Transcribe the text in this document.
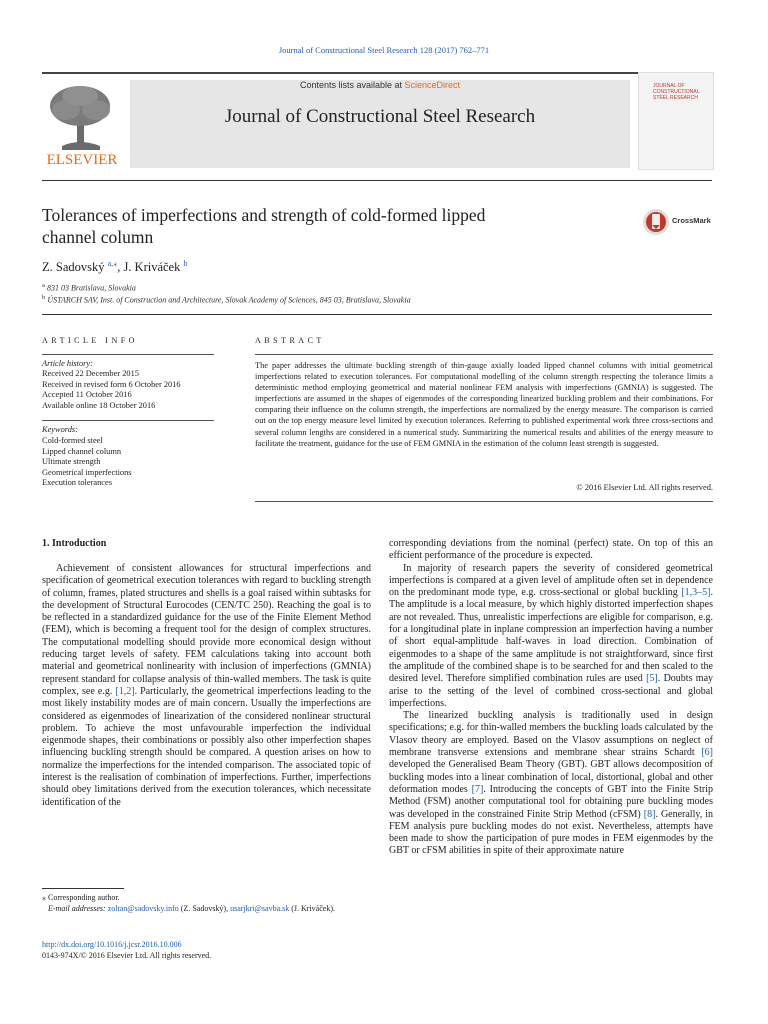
Journal of Constructional Steel Research 128 (2017) 762–771
ELSEVIER
Contents lists available at ScienceDirect
Journal of Constructional Steel Research
JOURNAL OF
CONSTRUCTIONAL
STEEL RESEARCH
Tolerances of imperfections and strength of cold-formed lipped
channel column
CrossMark
Z. Sadovský $^{a,⁎}$, J. Kriváček $^b$
$^a$ 831 03 Bratislava, Slovakia
$^b$ ÚSTARCH SAV, Inst. of Construction and Architecture, Slovak Academy of Sciences, 845 03, Bratislava, Slovakia
ARTICLE INFO	ABSTRACT
Article history:
Received 22 December 2015
Received in revised form 6 October 2016
Accepted 11 October 2016
Available online 18 October 2016
Keywords:
Cold-formed steel
Lipped channel column
Ultimate strength
Geometrical imperfections
Execution tolerances
The paper addresses the ultimate buckling strength of thin-gauge axially loaded lipped channel columns with initial geometrical imperfections related to execution tolerances. For computational modelling of the column strength respecting the tolerance limits a deterministic method employing geometrical and material nonlinear FEM analysis with imperfections (GMNIA) is suggested. The imperfections are assumed in the shapes of eigenmodes of the corresponding linearized buckling problem and their combinations. For comparing their influence on the column strength, the imperfections are normalized by the energy measure. The comparison is carried out on the top energy measure level limited by execution tolerances. Referring to published experimental work three cross-sections and several column lengths are considered in a numerical study. Summarizing the numerical results and abilities of the energy measure to facilitate the treatment, guidance for the use of FEM GMNIA in the estimation of the column least strength is suggested.
© 2016 Elsevier Ltd. All rights reserved.
1. Introduction

Achievement of consistent allowances for structural imperfections and specification of geometrical execution tolerances with regard to buckling strength of column, frames, plated structures and shells is a goal raised within subtasks for the development of Structural Eurocodes (CEN/TC 250). Reaching the goal is to be reflected in a standardized guidance for the use of the Finite Element Method (FEM), which is becoming a frequent tool for the design of complex structures. The computational modelling should provide more economical design without reducing target levels of safety. FEM calculations taking into account both material and geometrical nonlinearity with inclusion of imperfections (GMNIA) represent standard for collapse analysis of thin-walled members. The task is quite complex, see e.g. [1,2]. Particularly, the geometrical imperfections leading to the most likely instability modes are of main concern. Usually the imperfections are considered as eigenmodes of linearization of the considered nonlinear structural problem. To achieve the most unfavourable imperfection the individual eigenmode shapes, their combinations or possibly also other imperfection shapes influencing buckling strength should be compared. A question arises on how to normalize the imperfections for the intended comparison. The associated topic of interest is the realisation of combination of imperfections. Further, imperfections should obey limitations derived from the execution tolerances, which necessitate identification of the

corresponding deviations from the nominal (perfect) state. On top of this an efficient performance of the procedure is expected.

In majority of research papers the severity of considered geometrical imperfections is compared at a given level of amplitude often set in dependence on the predominant mode type, e.g. cross-sectional or global buckling [1,3–5]. The amplitude is a local measure, by which highly distorted imperfection shapes are not revealed. Thus, unrealistic imperfections are eligible for comparison, e.g. for a longitudinal plate in inplane compression an imperfection having a number of short equal-amplitude half-waves in load direction. Combination of eigenmodes to a shape of the same amplitude is not straightforward, since first the amplitude of the combined shape is to be searched for and then scaled to the desired level. Therefore simplified combination rules are used [5]. Doubts may arise to the setting of the level of combined cross-sectional and global imperfections.

The linearized buckling analysis is traditionally used in design specifications; e.g. for thin-walled members the buckling loads calculated by the Vlasov theory are employed. Based on the Vlasov assumptions on neglect of membrane transverse extensions and membrane shear strains Schardt [6] developed the Generalised Beam Theory (GBT). GBT allows decomposition of buckling modes into a linear combination of local, distortional, global and other deformation modes [7]. Introducing the concepts of GBT into the Finite Strip Method (FSM) another computational tool for obtaining pure buckling modes was developed in the constrained Finite Strip Method (cFSM) [8]. Generally, in FEM analysis pure buckling modes do not exist. Nevertheless, attempts have been made to show the participation of pure modes in FEM eigenmodes by the GBT or cFSM abilities in spite of their approximate nature

⁎ Corresponding author.
E-mail addresses: zoltan@sadovsky.info (Z. Sadovský), usarjkri@savba.sk (J. Kriváček).
http://dx.doi.org/10.1016/j.jcsr.2016.10.006
0143-974X/© 2016 Elsevier Ltd. All rights reserved.
